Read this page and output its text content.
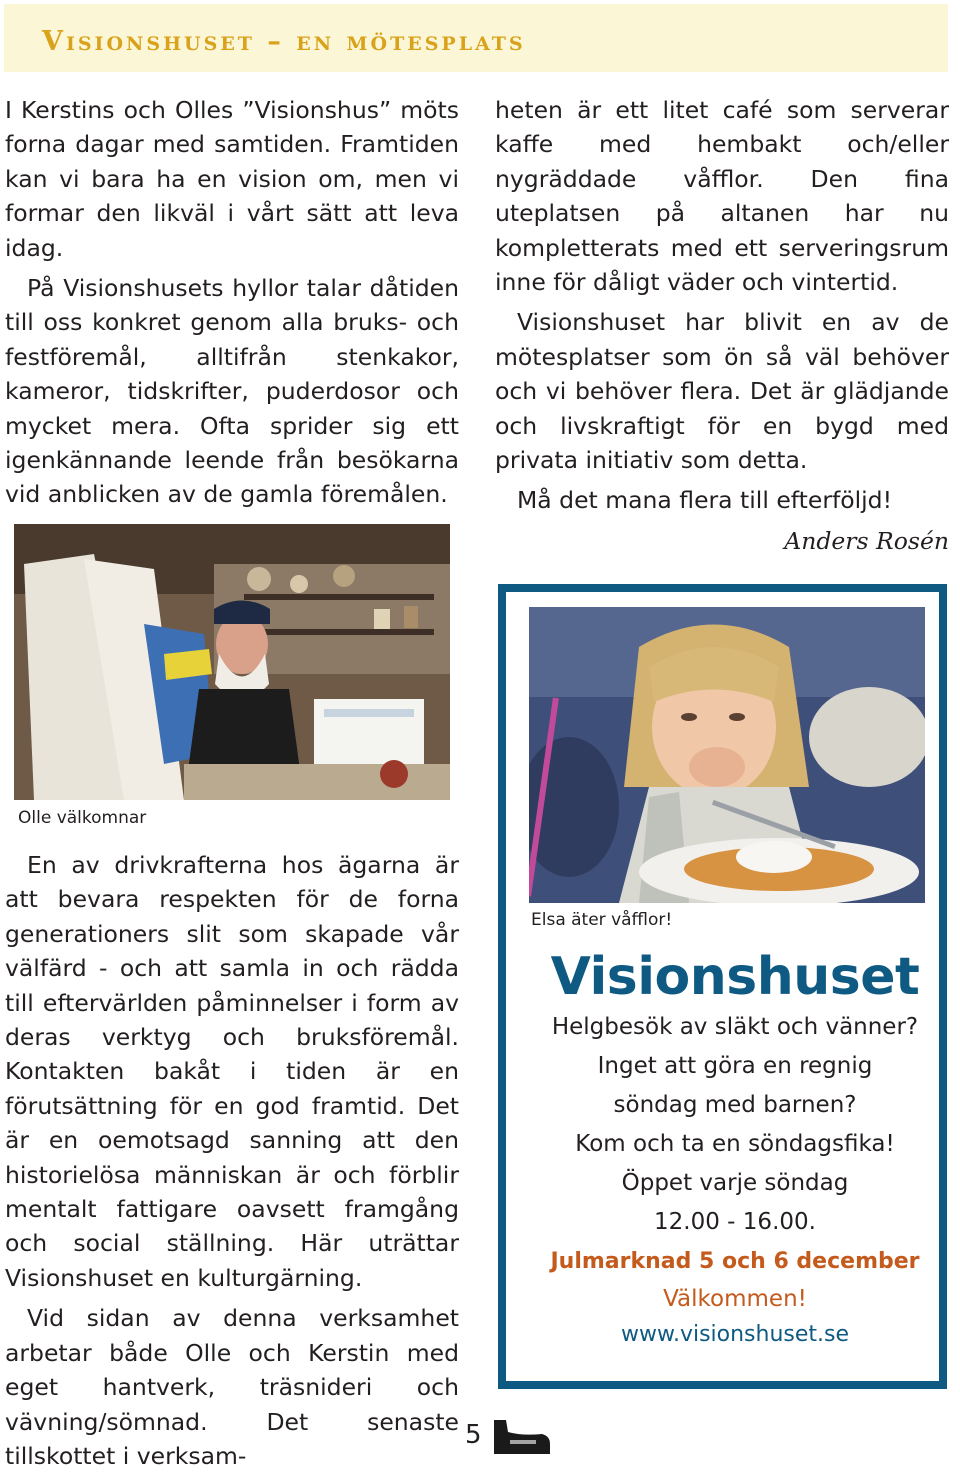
Visionshuset – en mötesplats

I Kerstins och Olles ”Visionshus” möts forna dagar med samtiden. Framtiden kan vi bara ha en vision om, men vi formar den likväl i vårt sätt att leva idag.

På Visionshusets hyllor talar dåtiden till oss konkret genom alla bruks- och festföremål, alltifrån stenkakor, kameror, tidskrifter, puderdosor och mycket mera. Ofta sprider sig ett igenkännande leende från besökarna vid anblicken av de gamla föremålen.

Olle välkomnar

En av drivkrafterna hos ägarna är att bevara respekten för de forna generationers slit som skapade vår välfärd - och att samla in och rädda till eftervärlden påminnelser i form av deras verktyg och bruksföremål. Kontakten bakåt i tiden är en förutsättning för en god framtid. Det är en oemotsagd sanning att den historielösa människan är och förblir mentalt fattigare oavsett framgång och social ställning. Här uträttar Visionshuset en kulturgärning.

Vid sidan av denna verksamhet arbetar både Olle och Kerstin med eget hantverk, träsnideri och vävning/sömnad. Det senaste tillskottet i verksam-

heten är ett litet café som serverar kaffe med hembakt och/eller nygräddade våfflor. Den fina uteplatsen på altanen har nu kompletterats med ett serveringsrum inne för dåligt väder och vintertid.

Visionshuset har blivit en av de mötesplatser som ön så väl behöver och vi behöver flera. Det är glädjande och livskraftigt för en bygd med privata initiativ som detta.

Må det mana flera till efterföljd!

Anders Rosén

Elsa äter våfflor!

Visionshuset

Helgbesök av släkt och vänner?

Inget att göra en regnig

söndag med barnen?

Kom och ta en söndagsfika!

Öppet varje söndag

12.00 - 16.00.

Julmarknad 5 och 6 december

Välkommen!

www.visionshuset.se

5
